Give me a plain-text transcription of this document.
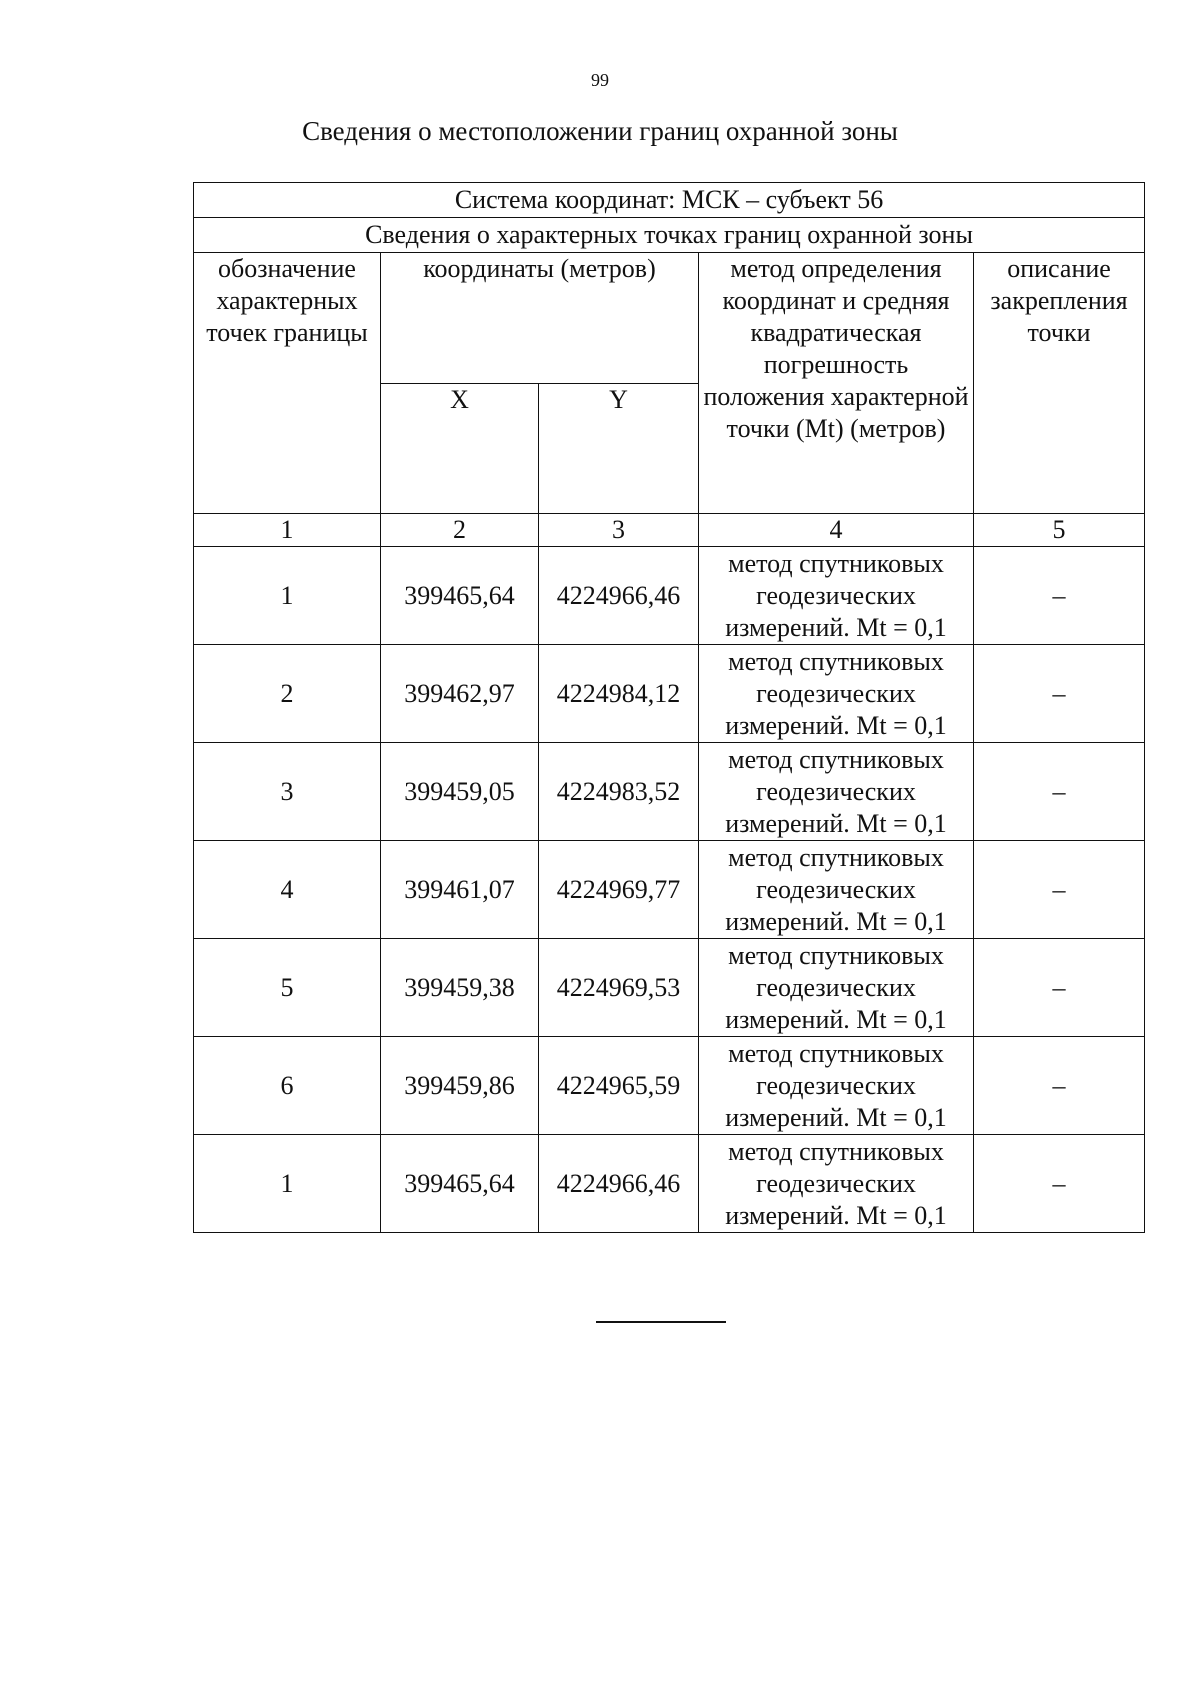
99
Сведения о местоположении границ охранной зоны
Система координат: МСК – субъект 56				
Сведения о характерных точках границ охранной зоны				
обозначение характерных точек границы	координаты (метров)		метод определения координат и средняя квадратическая погрешность положения характерной точки (Mt) (метров)	описание закрепления точки
	X	Y		
1	2	3	4	5
1	399465,64	4224966,46	метод спутниковых геодезических измерений. Mt = 0,1	–
2	399462,97	4224984,12	метод спутниковых геодезических измерений. Mt = 0,1	–
3	399459,05	4224983,52	метод спутниковых геодезических измерений. Mt = 0,1	–
4	399461,07	4224969,77	метод спутниковых геодезических измерений. Mt = 0,1	–
5	399459,38	4224969,53	метод спутниковых геодезических измерений. Mt = 0,1	–
6	399459,86	4224965,59	метод спутниковых геодезических измерений. Mt = 0,1	–
1	399465,64	4224966,46	метод спутниковых геодезических измерений. Mt = 0,1	–
